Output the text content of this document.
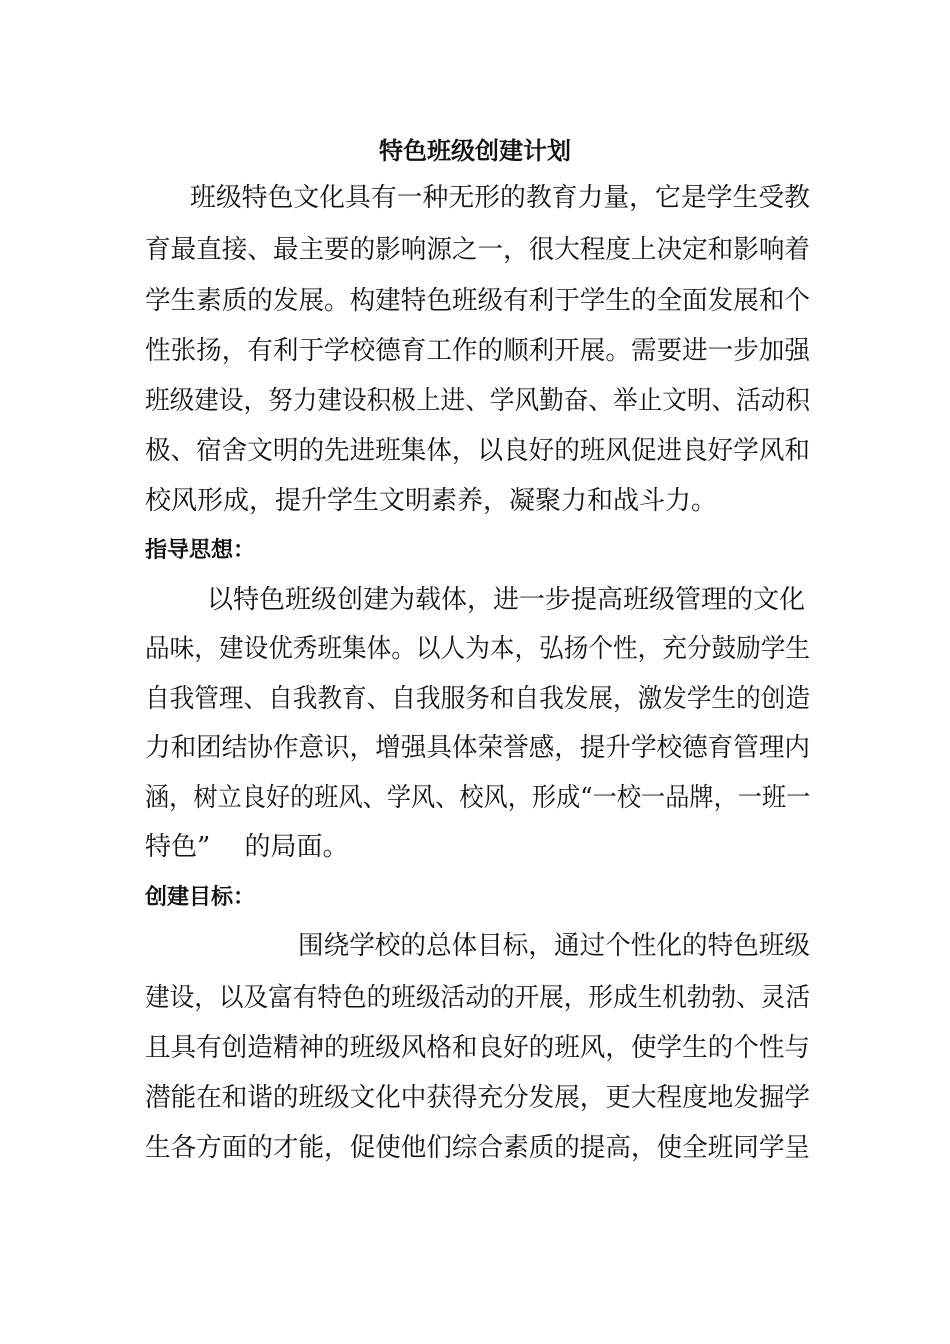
特色班级创建计划
班级特色文化具有一种无形的教育力量，它是学生受教
育最直接、最主要的影响源之一，很大程度上决定和影响着
学生素质的发展。构建特色班级有利于学生的全面发展和个
性张扬，有利于学校德育工作的顺利开展。需要进一步加强
班级建设，努力建设积极上进、学风勤奋、举止文明、活动积
极、宿舍文明的先进班集体，以良好的班风促进良好学风和
校风形成，提升学生文明素养，凝聚力和战斗力。
指导思想：
以特色班级创建为载体，进一步提高班级管理的文化
品味，建设优秀班集体。以人为本，弘扬个性，充分鼓励学生
自我管理、自我教育、自我服务和自我发展，激发学生的创造
力和团结协作意识，增强具体荣誉感，提升学校德育管理内
涵，树立良好的班风、学风、校风，形成“一校一品牌，一班一
特色”　 的局面。
创建目标：
围绕学校的总体目标，通过个性化的特色班级
建设，以及富有特色的班级活动的开展，形成生机勃勃、灵活
且具有创造精神的班级风格和良好的班风，使学生的个性与
潜能在和谐的班级文化中获得充分发展，更大程度地发掘学
生各方面的才能，促使他们综合素质的提高，使全班同学呈
